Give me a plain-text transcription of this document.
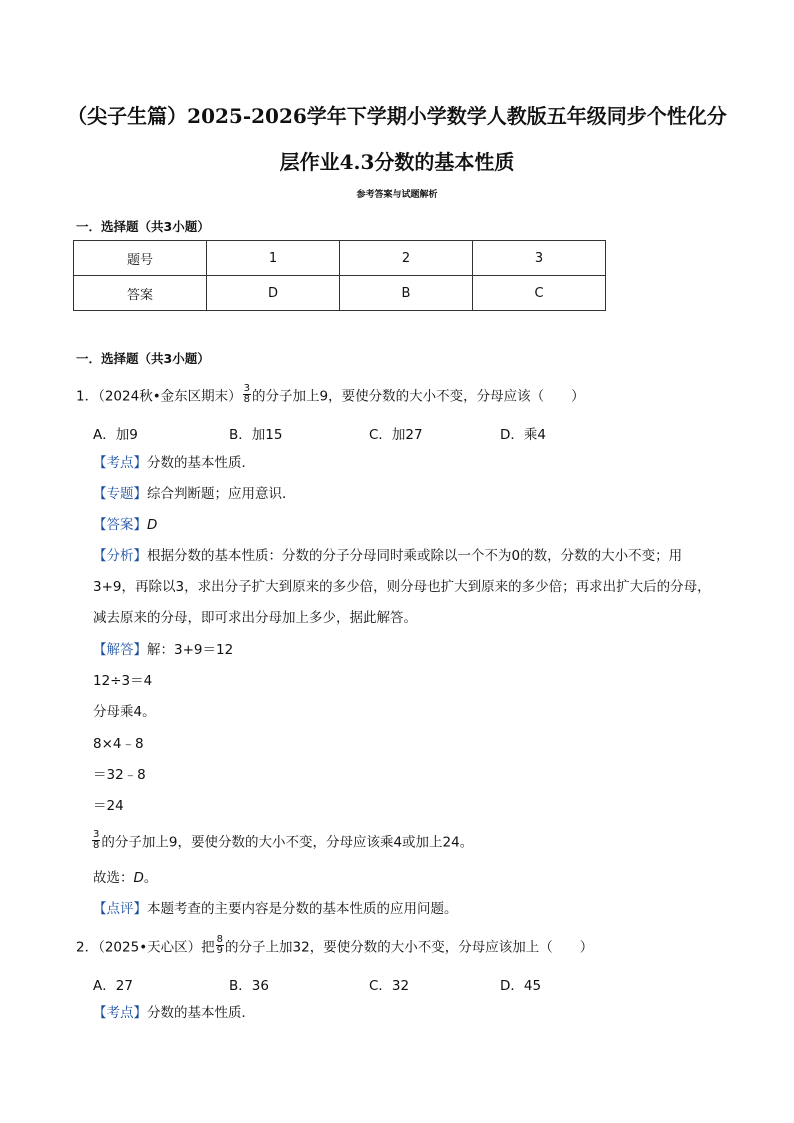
（尖子生篇）2025-2026学年下学期小学数学人教版五年级同步个性化分
层作业4.3分数的基本性质
参考答案与试题解析
一．选择题（共3小题）
题号	1	2	3
答案	D	B	C
一．选择题（共3小题）
1．（2024秋•金东区期末） $\frac{3}{8}$ 的分子加上9，要使分数的大小不变，分母应该（　　）
A．加9	B．加15	C．加27	D．乘4
【考点】分数的基本性质．
【专题】综合判断题；应用意识．
【答案】D
【分析】根据分数的基本性质：分数的分子分母同时乘或除以一个不为0的数，分数的大小不变；用
3+9，再除以3，求出分子扩大到原来的多少倍，则分母也扩大到原来的多少倍；再求出扩大后的分母，
减去原来的分母，即可求出分母加上多少，据此解答。
【解答】解：3+9＝12
12÷3＝4
分母乘4。
8×4﹣8
＝32﹣8
＝24
$\frac{3}{8}$ 的分子加上9，要使分数的大小不变，分母应该乘4或加上24。
故选：D。
【点评】本题考查的主要内容是分数的基本性质的应用问题。
2．（2025•天心区）把 $\frac{8}{9}$ 的分子上加32，要使分数的大小不变，分母应该加上（　　）
A．27	B．36	C．32	D．45
【考点】分数的基本性质．
